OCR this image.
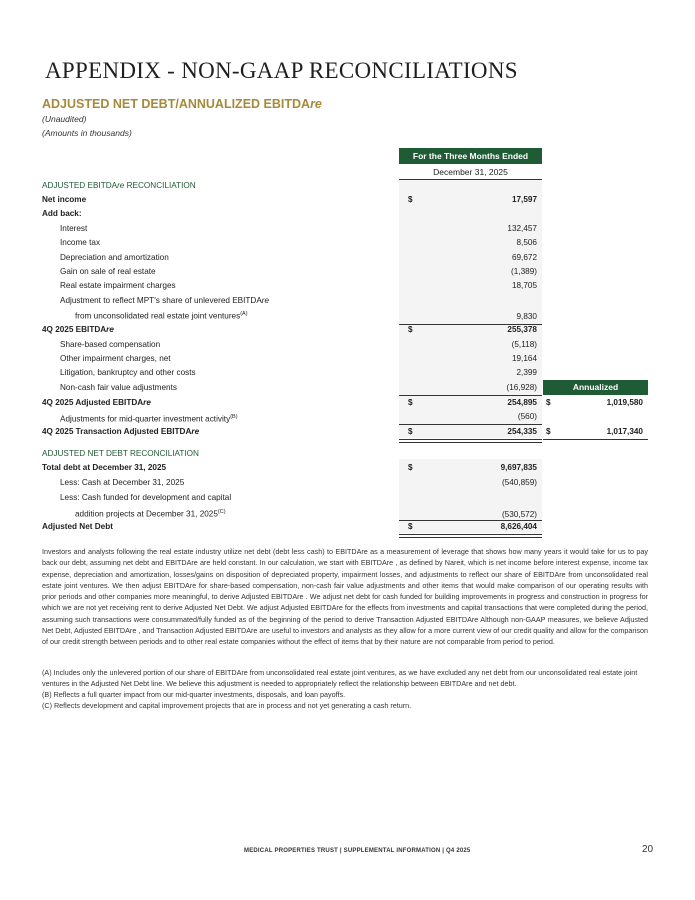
APPENDIX - NON-GAAP RECONCILIATIONS
ADJUSTED NET DEBT/ANNUALIZED EBITDAre
(Unaudited)
(Amounts in thousands)
For the Three Months Ended
December 31, 2025
Annualized
ADJUSTED EBITDAre RECONCILIATION
Net income	$	17,597
Add back:
Interest	132,457
Income tax	8,506
Depreciation and amortization	69,672
Gain on sale of real estate	(1,389)
Real estate impairment charges	18,705
Adjustment to reflect MPT's share of unlevered EBITDAre
from unconsolidated real estate joint ventures$^{(A)}$	9,830
4Q 2025 EBITDAre	$	255,378
Share-based compensation	(5,118)
Other impairment charges, net	19,164
Litigation, bankruptcy and other costs	2,399
Non-cash fair value adjustments	(16,928)
4Q 2025 Adjusted EBITDAre	$	254,895 $	1,019,580
Adjustments for mid-quarter investment activity$^{(B)}$	(560)
4Q 2025 Transaction Adjusted EBITDAre	$	254,335 $	1,017,340
ADJUSTED NET DEBT RECONCILIATION
Total debt at December 31, 2025	$	9,697,835
Less: Cash at December 31, 2025	(540,859)
Less: Cash funded for development and capital
addition projects at December 31, $2025^{(C)}$	(530,572)
Adjusted Net Debt	$	8,626,404

Investors and analysts following the real estate industry utilize net debt (debt less cash) to EBITDAre as a measurement of leverage that shows how many years it would take for us to pay back our debt, assuming net debt and EBITDAre are held constant. In our calculation, we start with EBITDAre , as defined by Nareit, which is net income before interest expense, income tax expense, depreciation and amortization, losses/gains on disposition of depreciated property, impairment losses, and adjustments to reflect our share of EBITDAre from unconsolidated real estate joint ventures. We then adjust EBITDAre for share-based compensation, non-cash fair value adjustments and other items that would make comparison of our operating results with prior periods and other companies more meaningful, to derive Adjusted EBITDAre . We adjust net debt for cash funded for building improvements in progress and construction in progress for which we are not yet receiving rent to derive Adjusted Net Debt. We adjust Adjusted EBITDAre for the effects from investments and capital transactions that were completed during the period, assuming such transactions were consummated/fully funded as of the beginning of the period to derive Transaction Adjusted EBITDAre Although non-GAAP measures, we believe Adjusted Net Debt, Adjusted EBITDAre , and Transaction Adjusted EBITDAre are useful to investors and analysts as they allow for a more current view of our credit quality and allow for the comparison of our credit strength between periods and to other real estate companies without the effect of items that by their nature are not comparable from period to period.

(A) Includes only the unlevered portion of our share of EBITDAre from unconsolidated real estate joint ventures, as we have excluded any net debt from our unconsolidated real estate joint ventures in the Adjusted Net Debt line. We believe this adjustment is needed to appropriately reflect the relationship between EBITDAre and net debt.

(B) Reflects a full quarter impact from our mid-quarter investments, disposals, and loan payoffs.

(C) Reflects development and capital improvement projects that are in process and not yet generating a cash return.

MEDICAL PROPERTIES TRUST | SUPPLEMENTAL INFORMATION | Q4 2025	20
